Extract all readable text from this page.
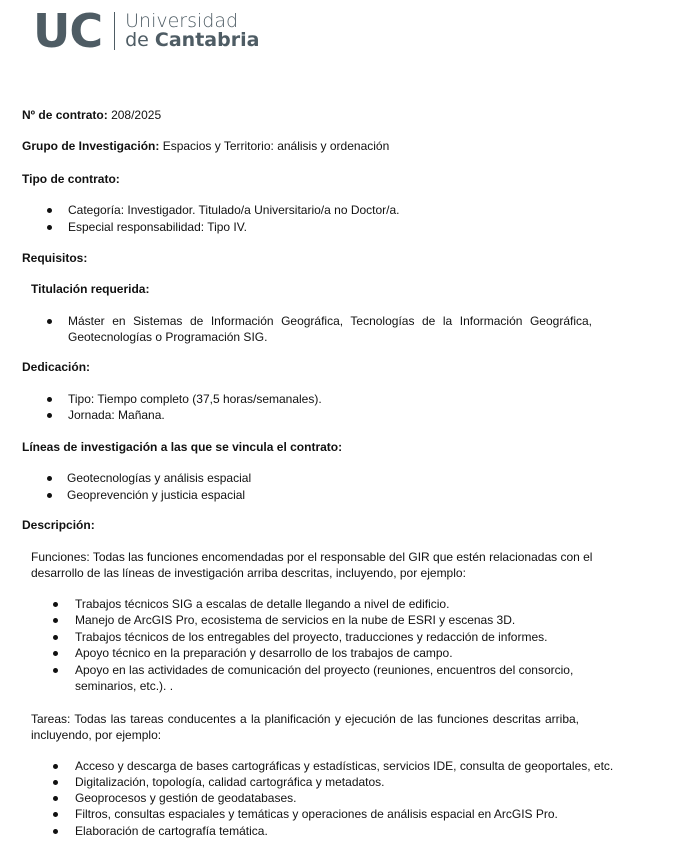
UC Universidad
de Cantabria
Nº de contrato: 208/2025
Grupo de Investigación: Espacios y Territorio: análisis y ordenación
Tipo de contrato:
Categoría: Investigador. Titulado/a Universitario/a no Doctor/a.
Especial responsabilidad: Tipo IV.
Requisitos:
Titulación requerida:
Máster en Sistemas de Información Geográfica, Tecnologías de la Información Geográfica,
Geotecnologías o Programación SIG.
Dedicación:
Tipo: Tiempo completo (37,5 horas/semanales).
Jornada: Mañana.
Líneas de investigación a las que se vincula el contrato:
Geotecnologías y análisis espacial
Geoprevención y justicia espacial
Descripción:
Funciones: Todas las funciones encomendadas por el responsable del GIR que estén relacionadas con el
desarrollo de las líneas de investigación arriba descritas, incluyendo, por ejemplo:
Trabajos técnicos SIG a escalas de detalle llegando a nivel de edificio.
Manejo de ArcGIS Pro, ecosistema de servicios en la nube de ESRI y escenas 3D.
Trabajos técnicos de los entregables del proyecto, traducciones y redacción de informes.
Apoyo técnico en la preparación y desarrollo de los trabajos de campo.
Apoyo en las actividades de comunicación del proyecto (reuniones, encuentros del consorcio,
seminarios, etc.). .
Tareas: Todas las tareas conducentes a la planificación y ejecución de las funciones descritas arriba,
incluyendo, por ejemplo:
Acceso y descarga de bases cartográficas y estadísticas, servicios IDE, consulta de geoportales, etc.
Digitalización, topología, calidad cartográfica y metadatos.
Geoprocesos y gestión de geodatabases.
Filtros, consultas espaciales y temáticas y operaciones de análisis espacial en ArcGIS Pro.
Elaboración de cartografía temática.
